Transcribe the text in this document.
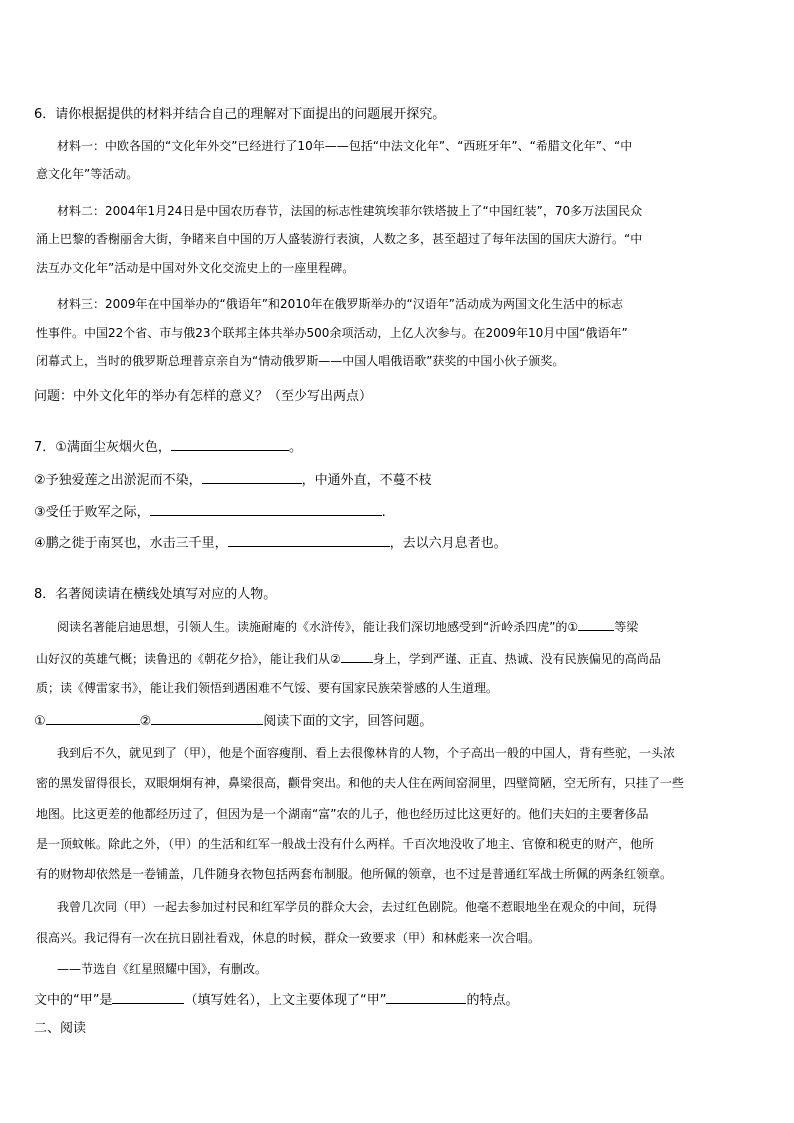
6．请你根据提供的材料并结合自己的理解对下面提出的问题展开探究。
材料一：中欧各国的“文化年外交”已经进行了10年——包括“中法文化年”、“西班牙年”、“希腊文化年”、“中
意文化年”等活动。
材料二：2004年1月24日是中国农历春节，法国的标志性建筑埃菲尔铁塔披上了“中国红装”，70多万法国民众
涌上巴黎的香榭丽舍大街，争睹来自中国的万人盛装游行表演，人数之多，甚至超过了每年法国的国庆大游行。“中
法互办文化年”活动是中国对外文化交流史上的一座里程碑。
材料三：2009年在中国举办的“俄语年”和2010年在俄罗斯举办的“汉语年”活动成为两国文化生活中的标志
性事件。中国22个省、市与俄23个联邦主体共举办500余项活动，上亿人次参与。在2009年10月中国“俄语年”
闭幕式上，当时的俄罗斯总理普京亲自为“情动俄罗斯——中国人唱俄语歌”获奖的中国小伙子颁奖。
问题：中外文化年的举办有怎样的意义？（至少写出两点）
7．①满面尘灰烟火色，	。
②予独爱莲之出淤泥而不染，	，中通外直，不蔓不枝
③受任于败军之际，	.
④鹏之徙于南冥也，水击三千里，	，去以六月息者也。
8．名著阅读请在横线处填写对应的人物。
阅读名著能启迪思想，引领人生。读施耐庵的《水浒传》，能让我们深切地感受到“沂岭杀四虎”的①	等梁
山好汉的英雄气概；读鲁迅的《朝花夕拾》，能让我们从②	身上，学到严谨、正直、热诚、没有民族偏见的高尚品
质；读《傅雷家书》，能让我们领悟到遇困难不气馁、要有国家民族荣誉感的人生道理。
①	②	阅读下面的文字，回答问题。
我到后不久，就见到了（甲），他是个面容瘦削、看上去很像林肯的人物，个子高出一般的中国人，背有些驼，一头浓
密的黑发留得很长，双眼炯炯有神，鼻梁很高，颧骨突出。和他的夫人住在两间窑洞里，四壁简陋，空无所有，只挂了一些
地图。比这更差的他都经历过了，但因为是一个湖南“富”农的儿子，他也经历过比这更好的。他们夫妇的主要奢侈品
是一顶蚊帐。除此之外，（甲）的生活和红军一般战士没有什么两样。千百次地没收了地主、官僚和税吏的财产，他所
有的财物却依然是一卷铺盖，几件随身衣物包括两套布制服。他所佩的领章，也不过是普通红军战士所佩的两条红领章。
我曾几次同（甲）一起去参加过村民和红军学员的群众大会，去过红色剧院。他毫不惹眼地坐在观众的中间，玩得
很高兴。我记得有一次在抗日剧社看戏，休息的时候，群众一致要求（甲）和林彪来一次合唱。
——节选自《红星照耀中国》，有删改。
文中的“甲”是	（填写姓名），上文主要体现了“甲”	的特点。
二、阅读
